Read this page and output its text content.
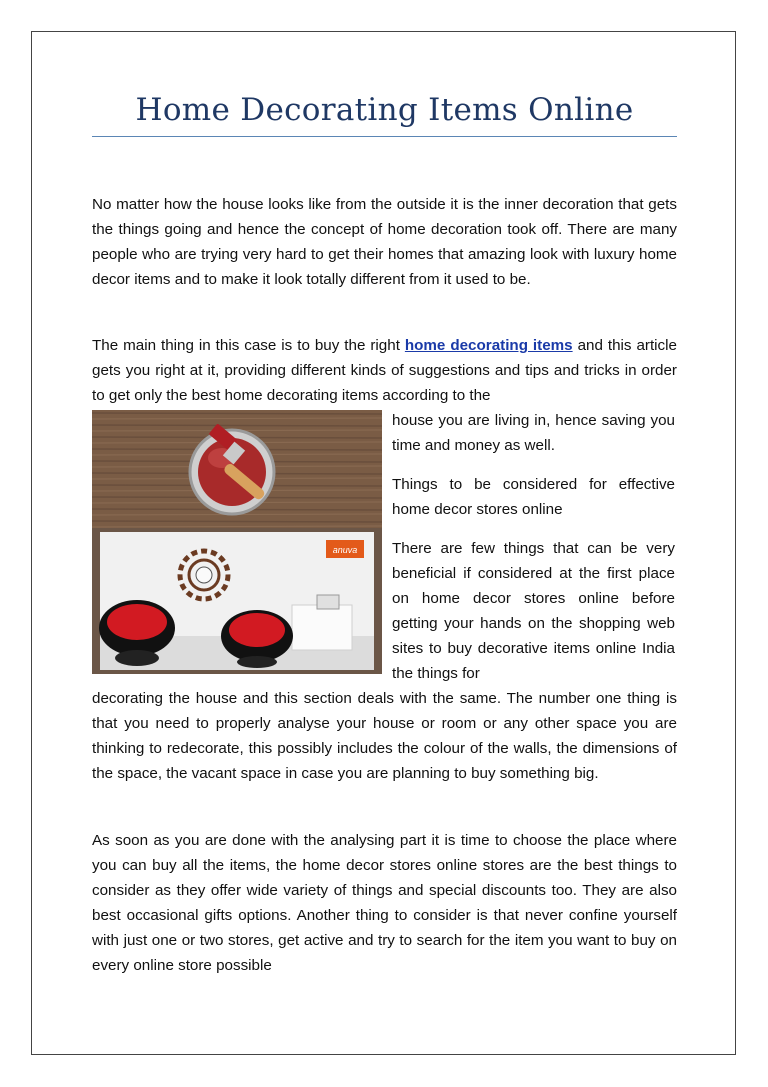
Home Decorating Items Online

No matter how the house looks like from the outside it is the inner decoration that gets the things going and hence the concept of home decoration took off. There are many people who are trying very hard to get their homes that amazing look with luxury home decor items and to make it look totally different from it used to be.

The main thing in this case is to buy the right home decorating items and this article gets you right at it, providing different kinds of suggestions and tips and tricks in order to get only the best home decorating items according to the

anuva

house you are living in, hence saving you time and money as well.

Things to be considered for effective home decor stores online

There are few things that can be very beneficial if considered at the first place on home decor stores online before getting your hands on the shopping web sites to buy decorative items online India the things for

decorating the house and this section deals with the same. The number one thing is that you need to properly analyse your house or room or any other space you are thinking to redecorate, this possibly includes the colour of the walls, the dimensions of the space, the vacant space in case you are planning to buy something big.

As soon as you are done with the analysing part it is time to choose the place where you can buy all the items, the home decor stores online stores are the best things to consider as they offer wide variety of things and special discounts too. They are also best occasional gifts options. Another thing to consider is that never confine yourself with just one or two stores, get active and try to search for the item you want to buy on every online store possible
